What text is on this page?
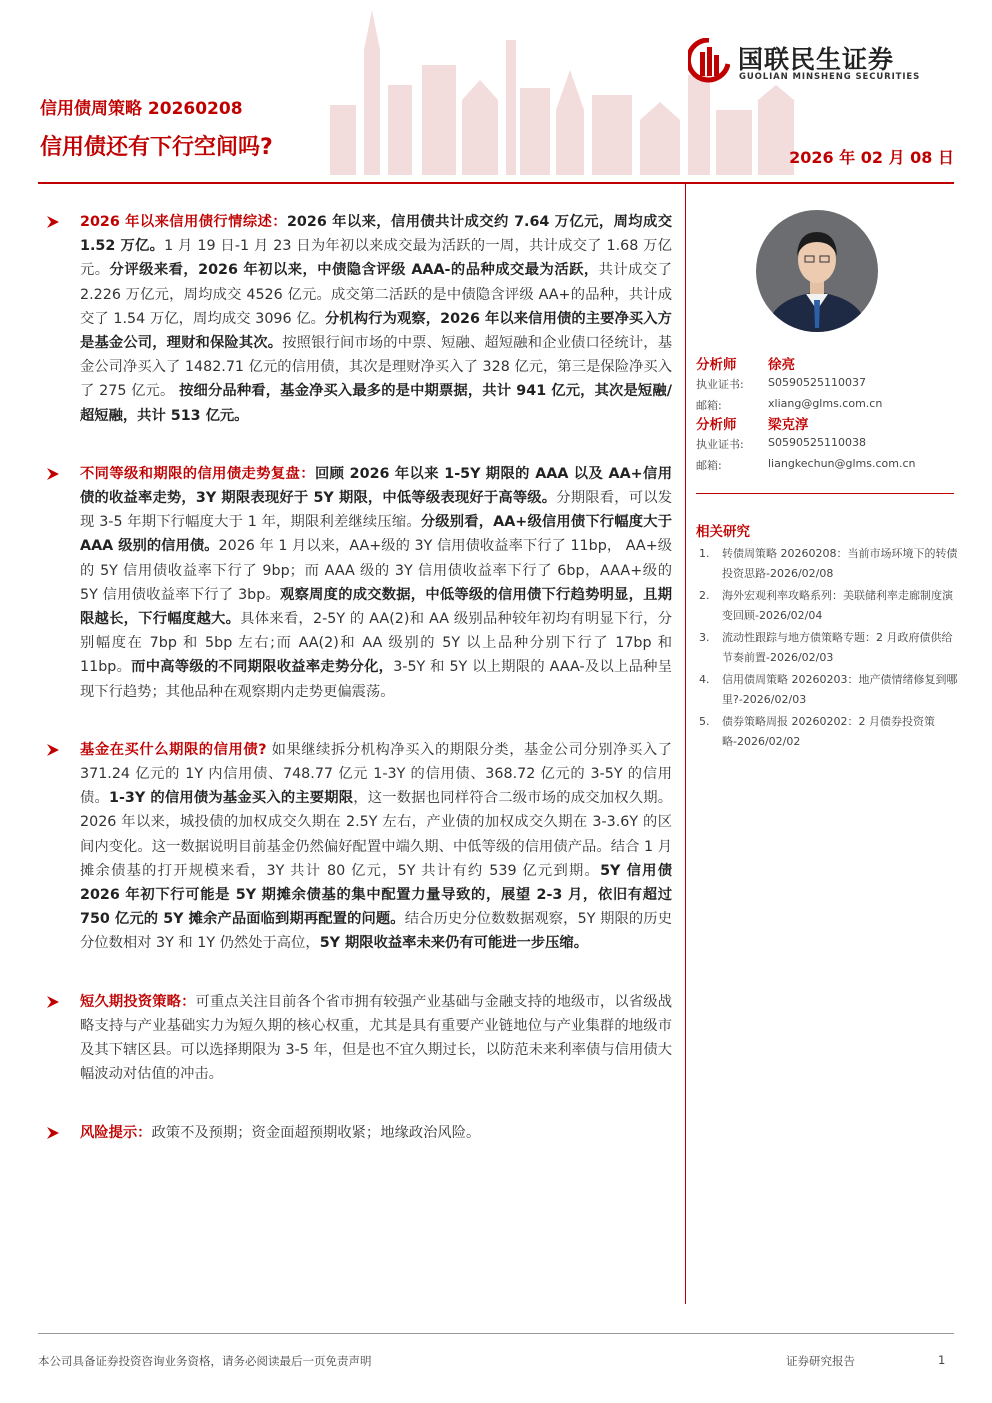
信用债周策略 20260208
信用债还有下行空间吗?	2026 年 02 月 08 日
国联民生证券
GUOLIAN MINSHENG SECURITIES
2026 年以来信用债行情综述：2026 年以来，信用债共计成交约 7.64 万亿元，周均成交 1.52 万亿。1 月 19 日-1 月 23 日为年初以来成交最为活跃的一周，共计成交了 1.68 万亿元。分评级来看，2026 年初以来，中债隐含评级 AAA-的品种成交最为活跃，共计成交了 2.226 万亿元，周均成交 4526 亿元。成交第二活跃的是中债隐含评级 AA+的品种，共计成交了 1.54 万亿，周均成交 3096 亿。分机构行为观察，2026 年以来信用债的主要净买入方是基金公司，理财和保险其次。按照银行间市场的中票、短融、超短融和企业债口径统计，基金公司净买入了 1482.71 亿元的信用债，其次是理财净买入了 328 亿元，第三是保险净买入了 275 亿元。 按细分品种看，基金净买入最多的是中期票据，共计 941 亿元，其次是短融/超短融，共计 513 亿元。
不同等级和期限的信用债走势复盘：回顾 2026 年以来 1-5Y 期限的 AAA 以及 AA+信用债的收益率走势，3Y 期限表现好于 5Y 期限，中低等级表现好于高等级。分期限看，可以发现 3-5 年期下行幅度大于 1 年，期限利差继续压缩。分级别看，AA+级信用债下行幅度大于 AAA 级别的信用债。2026 年 1 月以来，AA+级的 3Y 信用债收益率下行了 11bp， AA+级的 5Y 信用债收益率下行了 9bp；而 AAA 级的 3Y 信用债收益率下行了 6bp，AAA+级的 5Y 信用债收益率下行了 3bp。观察周度的成交数据，中低等级的信用债下行趋势明显，且期限越长，下行幅度越大。具体来看，2-5Y 的 AA(2)和 AA 级别品种较年初均有明显下行，分别幅度在 7bp 和 5bp 左右;而 AA(2)和 AA 级别的 5Y 以上品种分别下行了 17bp 和 11bp。而中高等级的不同期限收益率走势分化，3-5Y 和 5Y 以上期限的 AAA-及以上品种呈现下行趋势；其他品种在观察期内走势更偏震荡。
基金在买什么期限的信用债? 如果继续拆分机构净买入的期限分类，基金公司分别净买入了 371.24 亿元的 1Y 内信用债、748.77 亿元 1-3Y 的信用债、368.72 亿元的 3-5Y 的信用债。1-3Y 的信用债为基金买入的主要期限，这一数据也同样符合二级市场的成交加权久期。2026 年以来，城投债的加权成交久期在 2.5Y 左右，产业债的加权成交久期在 3-3.6Y 的区间内变化。这一数据说明目前基金仍然偏好配置中端久期、中低等级的信用债产品。结合 1 月摊余债基的打开规模来看，3Y 共计 80 亿元，5Y 共计有约 539 亿元到期。5Y 信用债 2026 年初下行可能是 5Y 期摊余债基的集中配置力量导致的，展望 2-3 月，依旧有超过 750 亿元的 5Y 摊余产品面临到期再配置的问题。结合历史分位数数据观察，5Y 期限的历史分位数相对 3Y 和 1Y 仍然处于高位，5Y 期限收益率未来仍有可能进一步压缩。
短久期投资策略：可重点关注目前各个省市拥有较强产业基础与金融支持的地级市，以省级战略支持与产业基础实力为短久期的核心权重，尤其是具有重要产业链地位与产业集群的地级市及其下辖区县。可以选择期限为 3-5 年，但是也不宜久期过长，以防范未来利率债与信用债大幅波动对估值的冲击。
风险提示：政策不及预期；资金面超预期收紧；地缘政治风险。
分析师 徐亮
执业证书: S0590525110037
邮箱:	xliang@glms.com.cn
分析师 梁克淳
执业证书: S0590525110038
邮箱:	liangkechun@glms.com.cn
相关研究
1. 转债周策略 20260208：当前市场环境下的转债投资思路-2026/02/08
2. 海外宏观利率攻略系列：美联储利率走廊制度演变回顾-2026/02/04
3. 流动性跟踪与地方债策略专题：2 月政府债供给节奏前置-2026/02/03
4. 信用债周策略 20260203：地产债情绪修复到哪里?-2026/02/03
5. 债券策略周报 20260202：2 月债券投资策略-2026/02/02
本公司具备证券投资咨询业务资格，请务必阅读最后一页免责声明	证券研究报告	1
